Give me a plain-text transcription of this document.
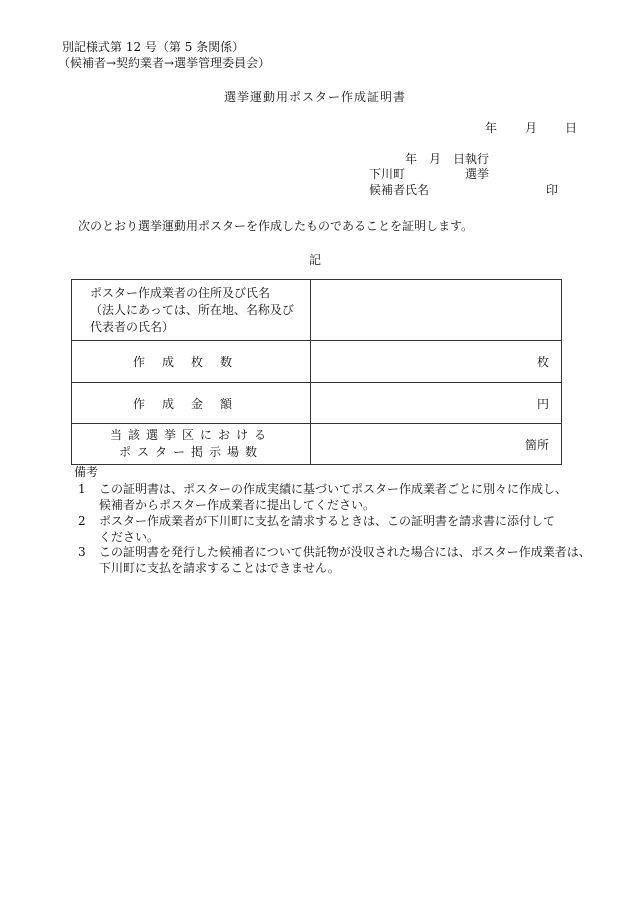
別記様式第 12 号（第 5 条関係）
（候補者→契約業者→選挙管理委員会）
選挙運動用ポスター作成証明書
年 月 日
年　月　日執行
下川町	選挙
候補者氏名	印
次のとおり選挙運動用ポスターを作成したものであることを証明します。
記
ポスター作成業者の住所及び氏名
（法人にあっては、所在地、名称及び
代表者の氏名）	

作成枚数	枚
作成金額	円

当該選挙区における
ポスター掲示場数	箇所
備考
1 この証明書は、ポスターの作成実績に基づいてポスター作成業者ごとに別々に作成し、
候補者からポスター作成業者に提出してください。
2 ポスター作成業者が下川町に支払を請求するときは、この証明書を請求書に添付して
ください。
3 この証明書を発行した候補者について供託物が没収された場合には、ポスター作成業者は、
下川町に支払を請求することはできません。
